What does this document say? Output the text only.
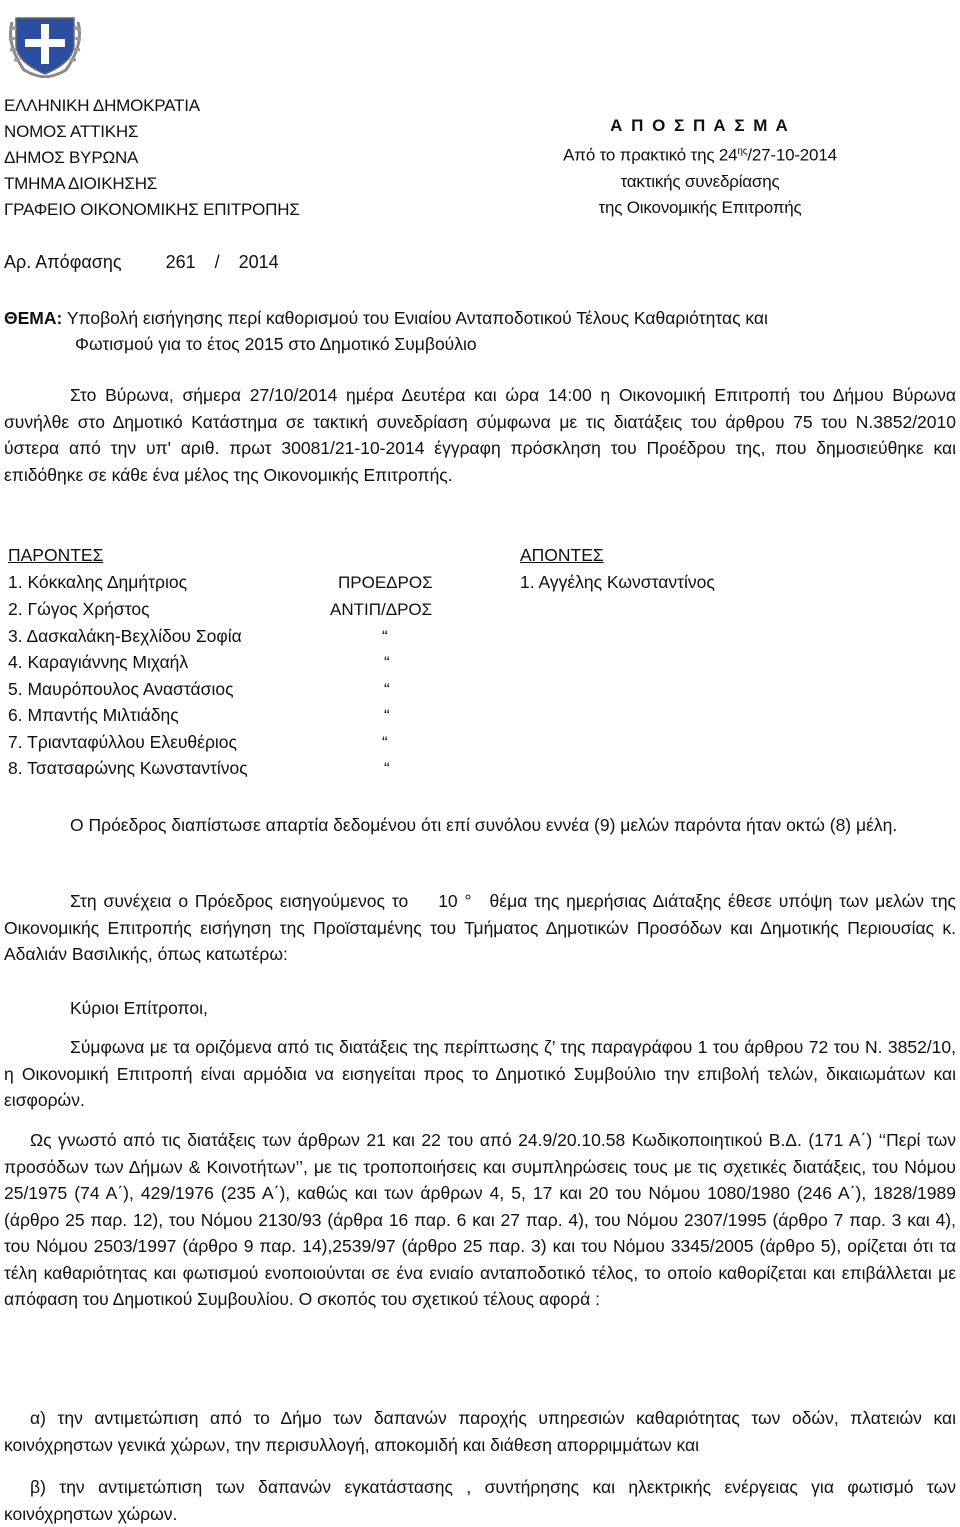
ΕΛΛΗΝΙΚΗ ΔΗΜΟΚΡΑΤΙΑ
ΝΟΜΟΣ ΑΤΤΙΚΗΣ
ΔΗΜΟΣ ΒΥΡΩΝΑ
ΤΜΗΜΑ ΔΙΟΙΚΗΣΗΣ
ΓΡΑΦΕΙΟ ΟΙΚΟΝΟΜΙΚΗΣ ΕΠΙΤΡΟΠΗΣ
Α Π Ο Σ Π Α Σ Μ Α
Από το πρακτικό της $24^{\eta\varsigma}/27-10-2014$
τακτικής συνεδρίασης
της Οικονομικής Επιτροπής
Αρ. Απόφασης 261 / 2014
ΘΕΜΑ: Υποβολή εισήγησης περί καθορισμού του Ενιαίου Ανταποδοτικού Τέλους Καθαριότητας και
Φωτισμού για το έτος 2015 στο Δημοτικό Συμβούλιο
Στο Βύρωνα, σήμερα 27/10/2014 ημέρα Δευτέρα και ώρα 14:00 η Οικονομική Επιτροπή του Δήμου Βύρωνα συνήλθε στο Δημοτικό Κατάστημα σε τακτική συνεδρίαση σύμφωνα με τις διατάξεις του άρθρου 75 του Ν.3852/2010 ύστερα από την υπ' αριθ. πρωτ 30081/21-10-2014 έγγραφη πρόσκληση του Προέδρου της, που δημοσιεύθηκε και επιδόθηκε σε κάθε ένα μέλος της Οικονομικής Επιτροπής.
ΠΑΡΟΝΤΕΣ	ΑΠΟΝΤΕΣ
1. Κόκκαλης Δημήτριος	ΠΡΟΕΔΡΟΣ	1. Αγγέλης Κωνσταντίνος
2. Γώγος Χρήστος	ΑΝΤΙΠ/ΔΡΟΣ
3. Δασκαλάκη-Βεχλίδου Σοφία	“
4. Καραγιάννης Μιχαήλ	“
5. Μαυρόπουλος Αναστάσιος	“
6. Μπαντής Μιλτιάδης	“
7. Τριανταφύλλου Ελευθέριος	“
8. Τσατσαρώνης Κωνσταντίνος	“
Ο Πρόεδρος διαπίστωσε απαρτία δεδομένου ότι επί συνόλου εννέα (9) μελών παρόντα ήταν οκτώ (8) μέλη.
Στη συνέχεια ο Πρόεδρος εισηγούμενος το 10 ° θέμα της ημερήσιας Διάταξης έθεσε υπόψη των μελών της Οικονομικής Επιτροπής εισήγηση της Προϊσταμένης του Τμήματος Δημοτικών Προσόδων και Δημοτικής Περιουσίας κ. Αδαλιάν Βασιλικής, όπως κατωτέρω:
Κύριοι Επίτροποι,
Σύμφωνα με τα οριζόμενα από τις διατάξεις της περίπτωσης ζ’ της παραγράφου 1 του άρθρου 72 του Ν. 3852/10, η Οικονομική Επιτροπή είναι αρμόδια να εισηγείται προς το Δημοτικό Συμβούλιο την επιβολή τελών, δικαιωμάτων και εισφορών.
Ως γνωστό από τις διατάξεις των άρθρων 21 και 22 του από 24.9/20.10.58 Κωδικοποιητικού Β.Δ. (171 Α΄) ‘‘Περί των προσόδων των Δήμων & Κοινοτήτων’’, με τις τροποποιήσεις και συμπληρώσεις τους με τις σχετικές διατάξεις, του Νόμου 25/1975 (74 Α΄), 429/1976 (235 Α΄), καθώς και των άρθρων 4, 5, 17 και 20 του Νόμου 1080/1980 (246 Α΄), 1828/1989 (άρθρο 25 παρ. 12), του Νόμου 2130/93 (άρθρα 16 παρ. 6 και 27 παρ. 4), του Νόμου 2307/1995 (άρθρο 7 παρ. 3 και 4), του Νόμου 2503/1997 (άρθρο 9 παρ. 14),2539/97 (άρθρο 25 παρ. 3) και του Νόμου 3345/2005 (άρθρο 5), ορίζεται ότι τα τέλη καθαριότητας και φωτισμού ενοποιούνται σε ένα ενιαίο ανταποδοτικό τέλος, το οποίο καθορίζεται και επιβάλλεται με απόφαση του Δημοτικού Συμβουλίου. Ο σκοπός του σχετικού τέλους αφορά :
α) την αντιμετώπιση από το Δήμο των δαπανών παροχής υπηρεσιών καθαριότητας των οδών, πλατειών και κοινόχρηστων γενικά χώρων, την περισυλλογή, αποκομιδή και διάθεση απορριμμάτων και
β) την αντιμετώπιση των δαπανών εγκατάστασης , συντήρησης και ηλεκτρικής ενέργειας για φωτισμό των κοινόχρηστων χώρων.
